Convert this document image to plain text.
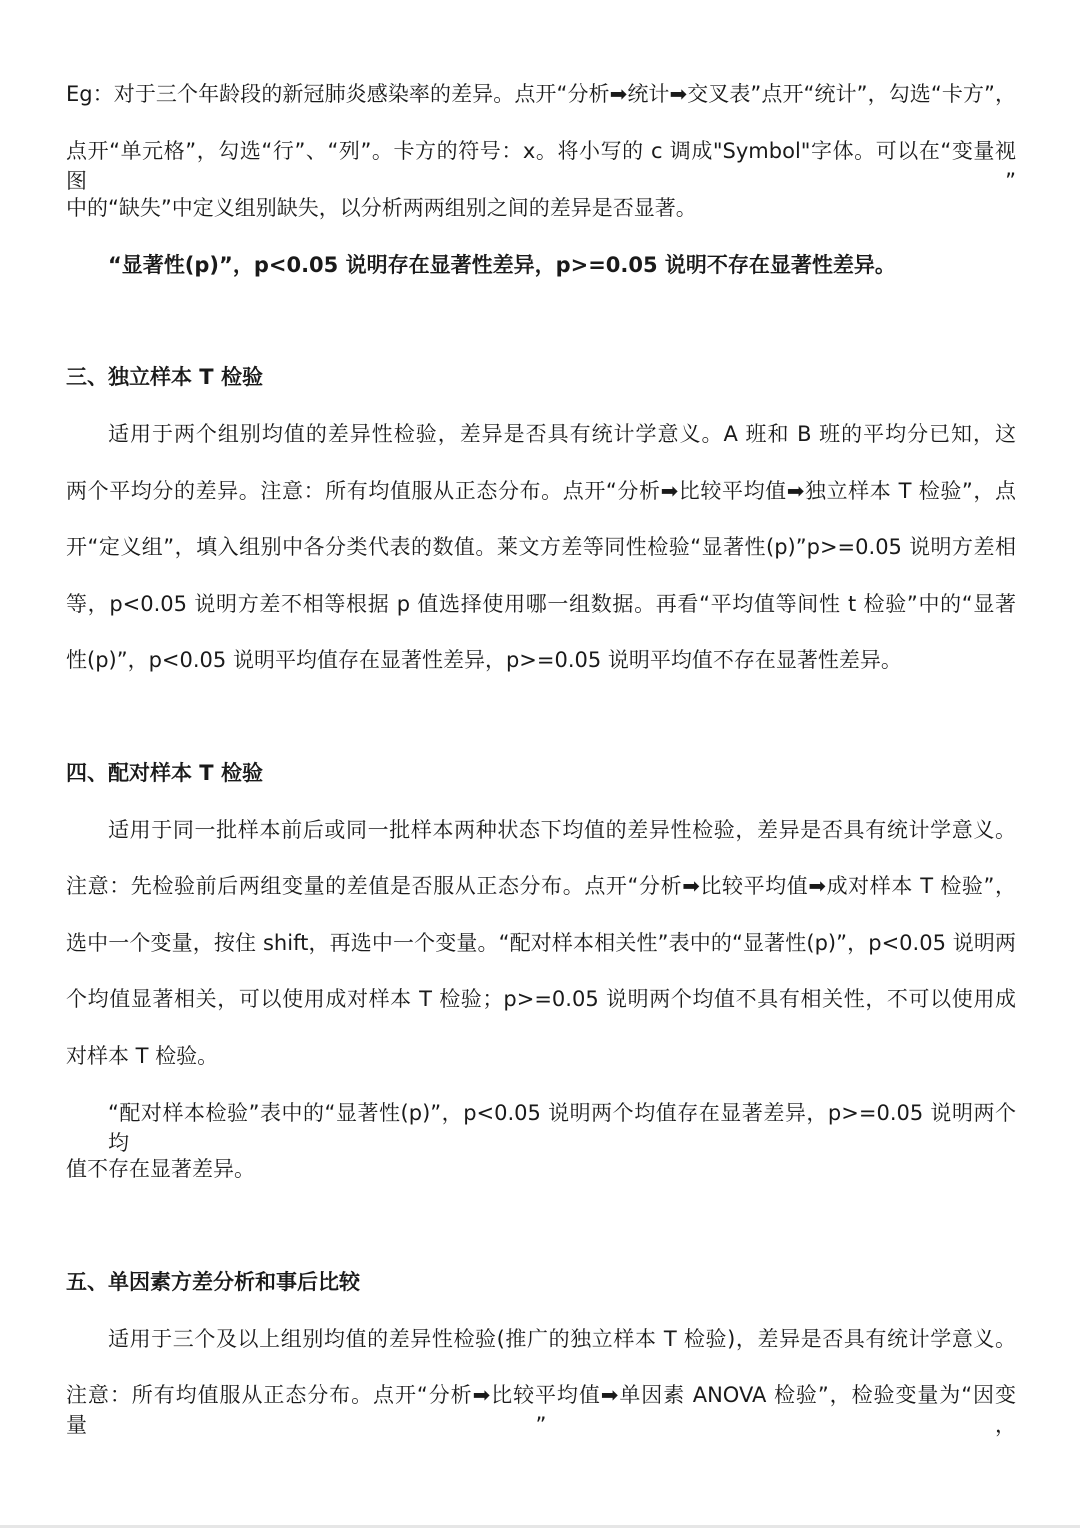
Eg：对于三个年龄段的新冠肺炎感染率的差异。点开“分析➡统计➡交叉表”点开“统计”，勾选“卡方”，
点开“单元格”，勾选“行”、“列”。卡方的符号：x。将小写的 c 调成"Symbol"字体。可以在“变量视图”
中的“缺失”中定义组别缺失，以分析两两组别之间的差异是否显著。
“显著性(p)”，p<0.05 说明存在显著性差异，p>=0.05 说明不存在显著性差异。
三、独立样本 T 检验
适用于两个组别均值的差异性检验，差异是否具有统计学意义。A 班和 B 班的平均分已知，这
两个平均分的差异。注意：所有均值服从正态分布。点开“分析➡比较平均值➡独立样本 T 检验”，点
开“定义组”，填入组别中各分类代表的数值。莱文方差等同性检验“显著性(p)”p>=0.05 说明方差相
等，p<0.05 说明方差不相等根据 p 值选择使用哪一组数据。再看“平均值等间性 t 检验”中的“显著
性(p)”，p<0.05 说明平均值存在显著性差异，p>=0.05 说明平均值不存在显著性差异。
四、配对样本 T 检验
适用于同一批样本前后或同一批样本两种状态下均值的差异性检验，差异是否具有统计学意义。
注意：先检验前后两组变量的差值是否服从正态分布。点开“分析➡比较平均值➡成对样本 T 检验”，
选中一个变量，按住 shift，再选中一个变量。“配对样本相关性”表中的“显著性(p)”，p<0.05 说明两
个均值显著相关，可以使用成对样本 T 检验；p>=0.05 说明两个均值不具有相关性，不可以使用成
对样本 T 检验。
“配对样本检验”表中的“显著性(p)”，p<0.05 说明两个均值存在显著差异，p>=0.05 说明两个均
值不存在显著差异。
五、单因素方差分析和事后比较
适用于三个及以上组别均值的差异性检验(推广的独立样本 T 检验)，差异是否具有统计学意义。
注意：所有均值服从正态分布。点开“分析➡比较平均值➡单因素 ANOVA 检验”，检验变量为“因变量”，
